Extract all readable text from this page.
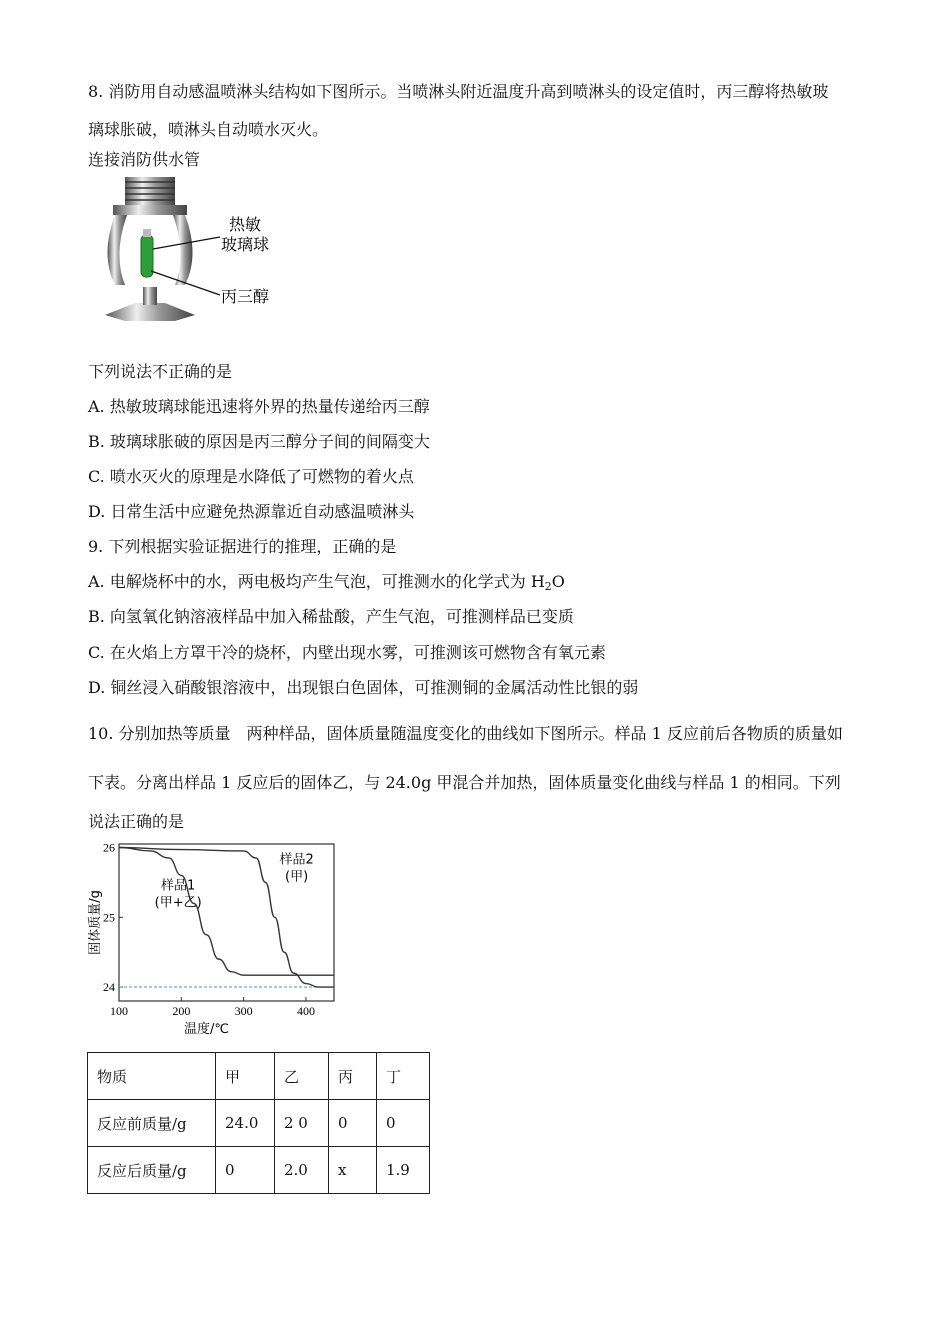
8. 消防用自动感温喷淋头结构如下图所示。当喷淋头附近温度升高到喷淋头的设定值时，丙三醇将热敏玻
璃球胀破，喷淋头自动喷水灭火。
连接消防供水管
热敏
玻璃球
丙三醇
下列说法不正确的是
A. 热敏玻璃球能迅速将外界的热量传递给丙三醇
B. 玻璃球胀破的原因是丙三醇分子间的间隔变大
C. 喷水灭火的原理是水降低了可燃物的着火点
D. 日常生活中应避免热源靠近自动感温喷淋头
9. 下列根据实验证据进行的推理，正确的是
A. 电解烧杯中的水，两电极均产生气泡，可推测水的化学式为 $H_2O$
B. 向氢氧化钠溶液样品中加入稀盐酸，产生气泡，可推测样品已变质
C. 在火焰上方罩干冷的烧杯，内壁出现水雾，可推测该可燃物含有氧元素
D. 铜丝浸入硝酸银溶液中，出现银白色固体，可推测铜的金属活动性比银的弱
10. 分别加热等质量　两种样品，固体质量随温度变化的曲线如下图所示。样品 1 反应前后各物质的质量如
下表。分离出样品 1 反应后的固体乙，与 24.0g 甲混合并加热，固体质量变化曲线与样品 1 的相同。下列
说法正确的是
100	200	300	400
24
25
26
温度/℃
固体质量/g
样品1
(甲+乙)
样品2
(甲)
物质	甲	乙	丙	丁
反应前质量/g	24.0	2 0	0	0
反应后质量/g	0	2.0	x	1.9
